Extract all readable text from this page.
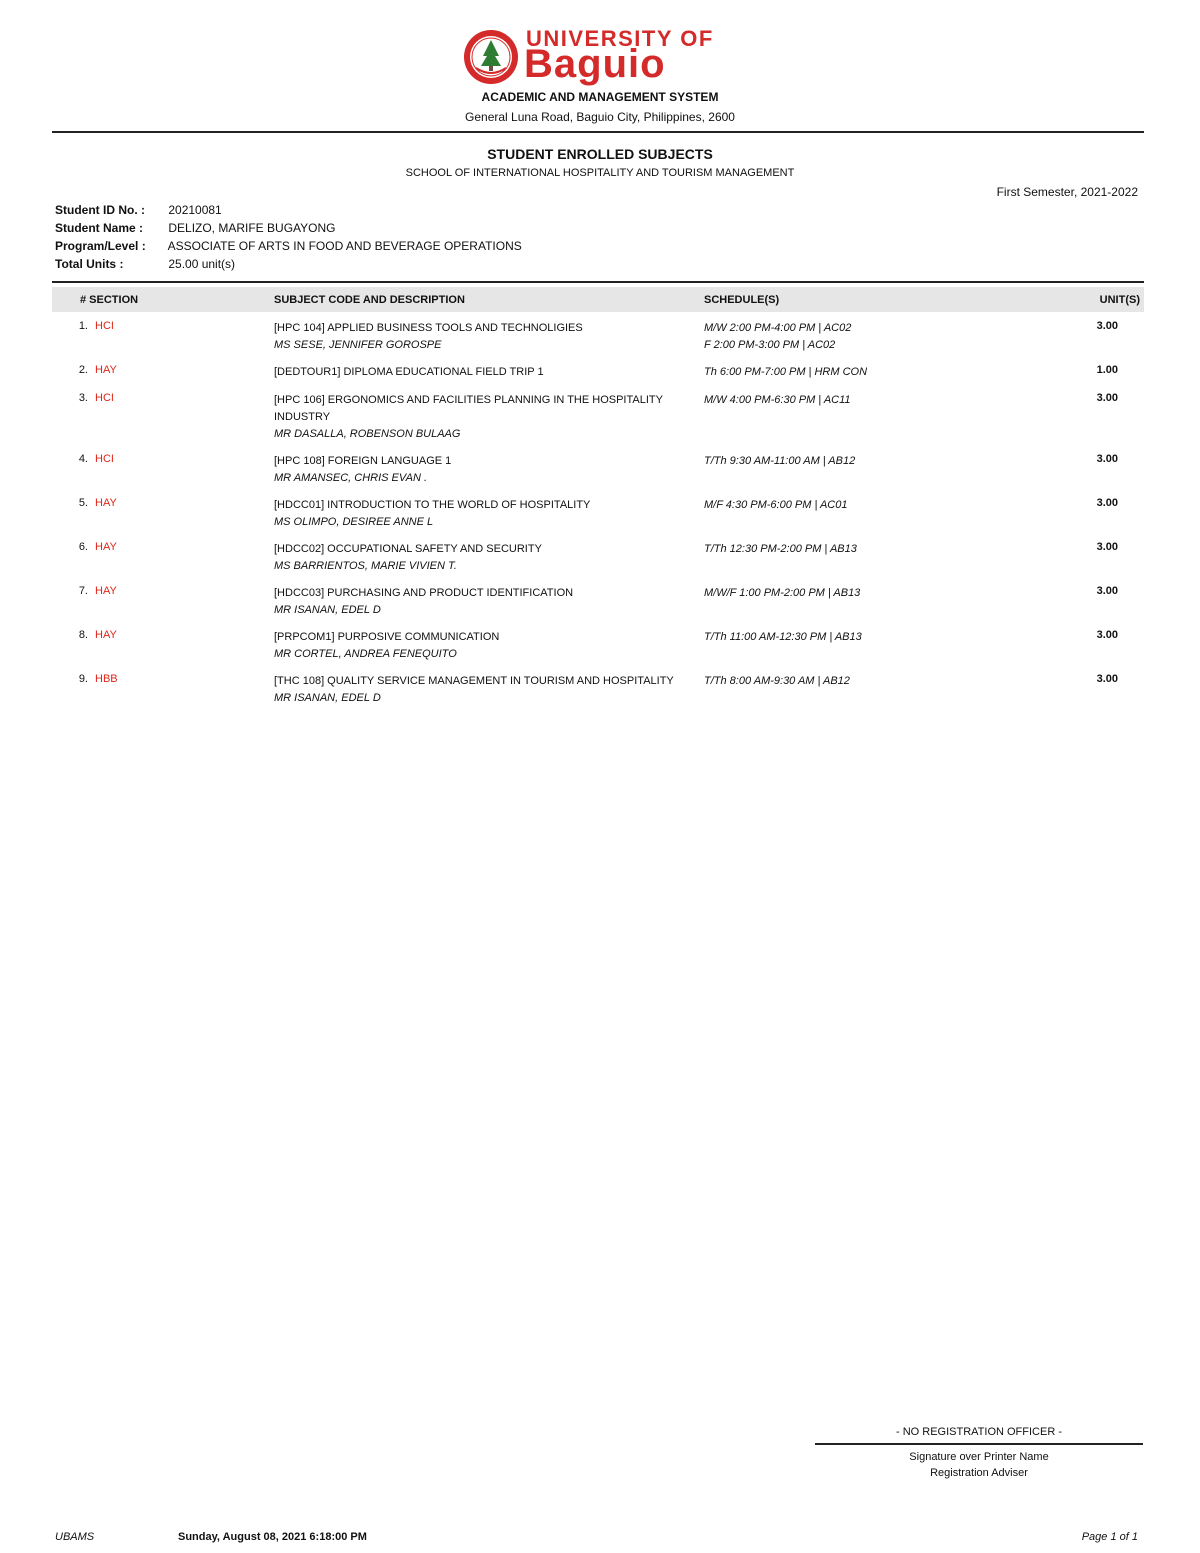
UNIVERSITY OF
Baguio
ACADEMIC AND MANAGEMENT SYSTEM
General Luna Road, Baguio City, Philippines, 2600
STUDENT ENROLLED SUBJECTS
SCHOOL OF INTERNATIONAL HOSPITALITY AND TOURISM MANAGEMENT
First Semester, 2021-2022
Student ID No. : 20210081
Student Name : DELIZO, MARIFE BUGAYONG
Program/Level : ASSOCIATE OF ARTS IN FOOD AND BEVERAGE OPERATIONS
Total Units :	25.00 unit(s)
# SECTION	SUBJECT CODE AND DESCRIPTION	SCHEDULE(S)	UNIT(S)
1. HCI	[HPC 104] APPLIED BUSINESS TOOLS AND TECHNOLIGIES
MS SESE, JENNIFER GOROSPE
M/W 2:00 PM-4:00 PM | AC02
F 2:00 PM-3:00 PM | AC02
3.00
2. HAY	[DEDTOUR1] DIPLOMA EDUCATIONAL FIELD TRIP 1	Th 6:00 PM-7:00 PM | HRM CON	1.00
3. HCI	[HPC 106] ERGONOMICS AND FACILITIES PLANNING IN THE HOSPITALITY
INDUSTRY
MR DASALLA, ROBENSON BULAAG
M/W 4:00 PM-6:30 PM | AC11	3.00
4. HCI	[HPC 108] FOREIGN LANGUAGE 1
MR AMANSEC, CHRIS EVAN .
T/Th 9:30 AM-11:00 AM | AB12	3.00
5. HAY	[HDCC01] INTRODUCTION TO THE WORLD OF HOSPITALITY
MS OLIMPO, DESIREE ANNE L
M/F 4:30 PM-6:00 PM | AC01	3.00
6. HAY	[HDCC02] OCCUPATIONAL SAFETY AND SECURITY
MS BARRIENTOS, MARIE VIVIEN T.
T/Th 12:30 PM-2:00 PM | AB13	3.00
7. HAY	[HDCC03] PURCHASING AND PRODUCT IDENTIFICATION
MR ISANAN, EDEL D
M/W/F 1:00 PM-2:00 PM | AB13	3.00
8. HAY	[PRPCOM1] PURPOSIVE COMMUNICATION
MR CORTEL, ANDREA FENEQUITO
T/Th 11:00 AM-12:30 PM | AB13	3.00
9. HBB	[THC 108] QUALITY SERVICE MANAGEMENT IN TOURISM AND HOSPITALITY
MR ISANAN, EDEL D
T/Th 8:00 AM-9:30 AM | AB12	3.00
- NO REGISTRATION OFFICER -
Signature over Printer Name
Registration Adviser
UBAMS	Sunday, August 08, 2021 6:18:00 PM	Page 1 of 1
